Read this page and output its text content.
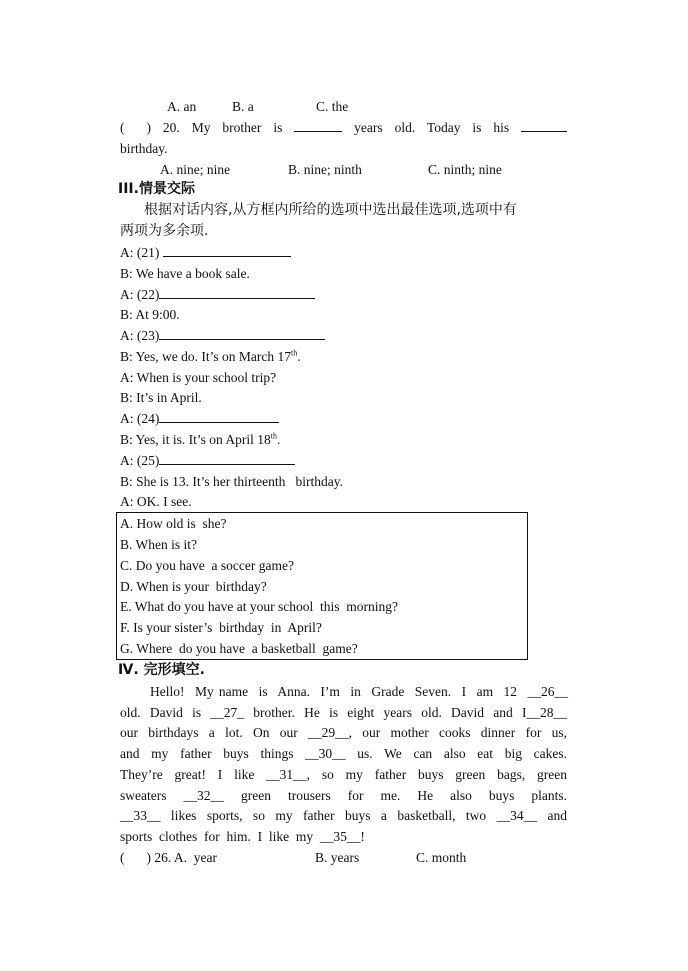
A. an	B. a	C. the
( ) 20. My brother is	years old. Today is his
birthday.
A. nine; nine	B. nine; ninth	C. ninth; nine
III.情景交际
根据对话内容,从方框内所给的选项中选出最佳选项,选项中有
两项为多余项.
A: (21)
B: We have a book sale.
A: (22)
B: At 9:00.
A: (23)
B: Yes, we do. It’s on March 17th.
A: When is your school trip?
B: It’s in April.
A: (24)
B: Yes, it is. It’s on April 18th.
A: (25)
B: She is 13. It’s her thirteenth   birthday.
A: OK. I see.
A. How old is  she?
B. When is it?
C. Do you have  a soccer game?
D. When is your  birthday?
E. What do you have at your school  this  morning?
F. Is your sister’s  birthday  in  April?
G. Where  do you have  a basketball  game?
Ⅳ. 完形填空.
Hello!  My name  is  Anna.  I’m  in  Grade  Seven.  I  am  12  __26__
old.  David  is  __27_  brother.  He  is  eight  years  old.  David  and  I__28__
our  birthdays  a  lot.  On  our  __29__,  our  mother  cooks  dinner  for  us,
and  my  father  buys  things  __30__  us.  We  can  also  eat  big  cakes.
They’re  great!  I  like  __31__,  so  my  father  buys  green  bags,  green
sweaters  __32__  green  trousers  for  me.  He  also  buys  plants.
__33__  likes  sports,  so  my  father  buys  a  basketball,  two  __34__  and
sports  clothes  for  him.  I  like  my  __35__!
( ) 26. A.  year	B. years	C. month
